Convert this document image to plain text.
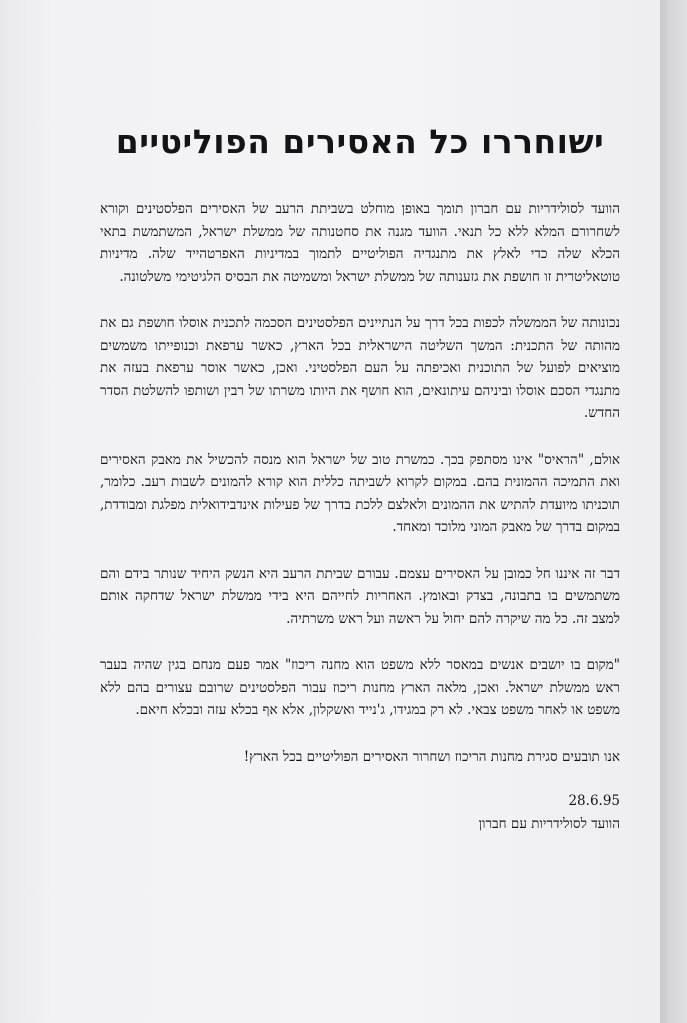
ישוחררו כל האסירים הפוליטיים

הוועד לסולידריות עם חברון תומך באופן מוחלט בשביתת הרעב של האסירים הפלסטינים וקורא לשחרורם המלא ללא כל תנאי. הוועד מגנה את סחטנותה של ממשלת ישראל, המשתמשת בתאי הכלא שלה כדי לאלץ את מתנגדיה הפוליטיים לתמוך במדיניות האפרטהייד שלה. מדיניות טוטאליטרית זו חושפת את גזענותה של ממשלת ישראל ומשמיטה את הבסיס הלגיטימי משלטונה.

נכונותה של הממשלה לכפות בכל דרך על הנתיינים הפלסטינים הסכמה לתכנית אוסלו חושפת גם את מהותה של התכנית: המשך השליטה הישראלית בכל הארץ, כאשר ערפאת וכנופייתו משמשים מוציאים לפועל של התוכנית ואכיפתה על העם הפלסטיני. ואכן, כאשר אוסר ערפאת בעזה את מתנגדי הסכם אוסלו וביניהם עיתונאים, הוא חושף את היותו משרתו של רבין ושותפו להשלטת הסדר החדש.

אולם, "הראיס" אינו מסתפק בכך. כמשרת טוב של ישראל הוא מנסה להכשיל את מאבק האסירים ואת התמיכה ההמונית בהם. במקום לקרוא לשביתה כללית הוא קורא להמונים לשבות רעב. כלומר, תוכניתו מיועדת להתיש את ההמונים ולאלצם ללכת בדרך של פעילות אינדבידואלית מפלגת ומבודדת, במקום בדרך של מאבק המוני מלוכד ומאחד.

דבר זה איננו חל כמובן על האסירים עצמם. עבורם שביתת הרעב היא הנשק היחיד שנותר בידם והם משתמשים בו בתבונה, בצדק ובאומץ. האחריות לחייהם היא בידי ממשלת ישראל שדחקה אותם למצב זה. כל מה שיקרה להם יחול על ראשה ועל ראש משרתיה.

"מקום בו יושבים אנשים במאסר ללא משפט הוא מחנה ריכוז" אמר פעם מנחם בגין שהיה בעבר ראש ממשלת ישראל. ואכן, מלאה הארץ מחנות ריכוז עבור הפלסטינים שרובם עצורים בהם ללא משפט או לאחר משפט צבאי. לא רק במגידו, ג'נייד ואשקלון, אלא אף בכלא עזה ובכלא חיאם.

אנו תובעים סגירת מחנות הריכוז ושחרור האסירים הפוליטיים בכל הארץ!

28.6.95
הוועד לסולידריות עם חברון
